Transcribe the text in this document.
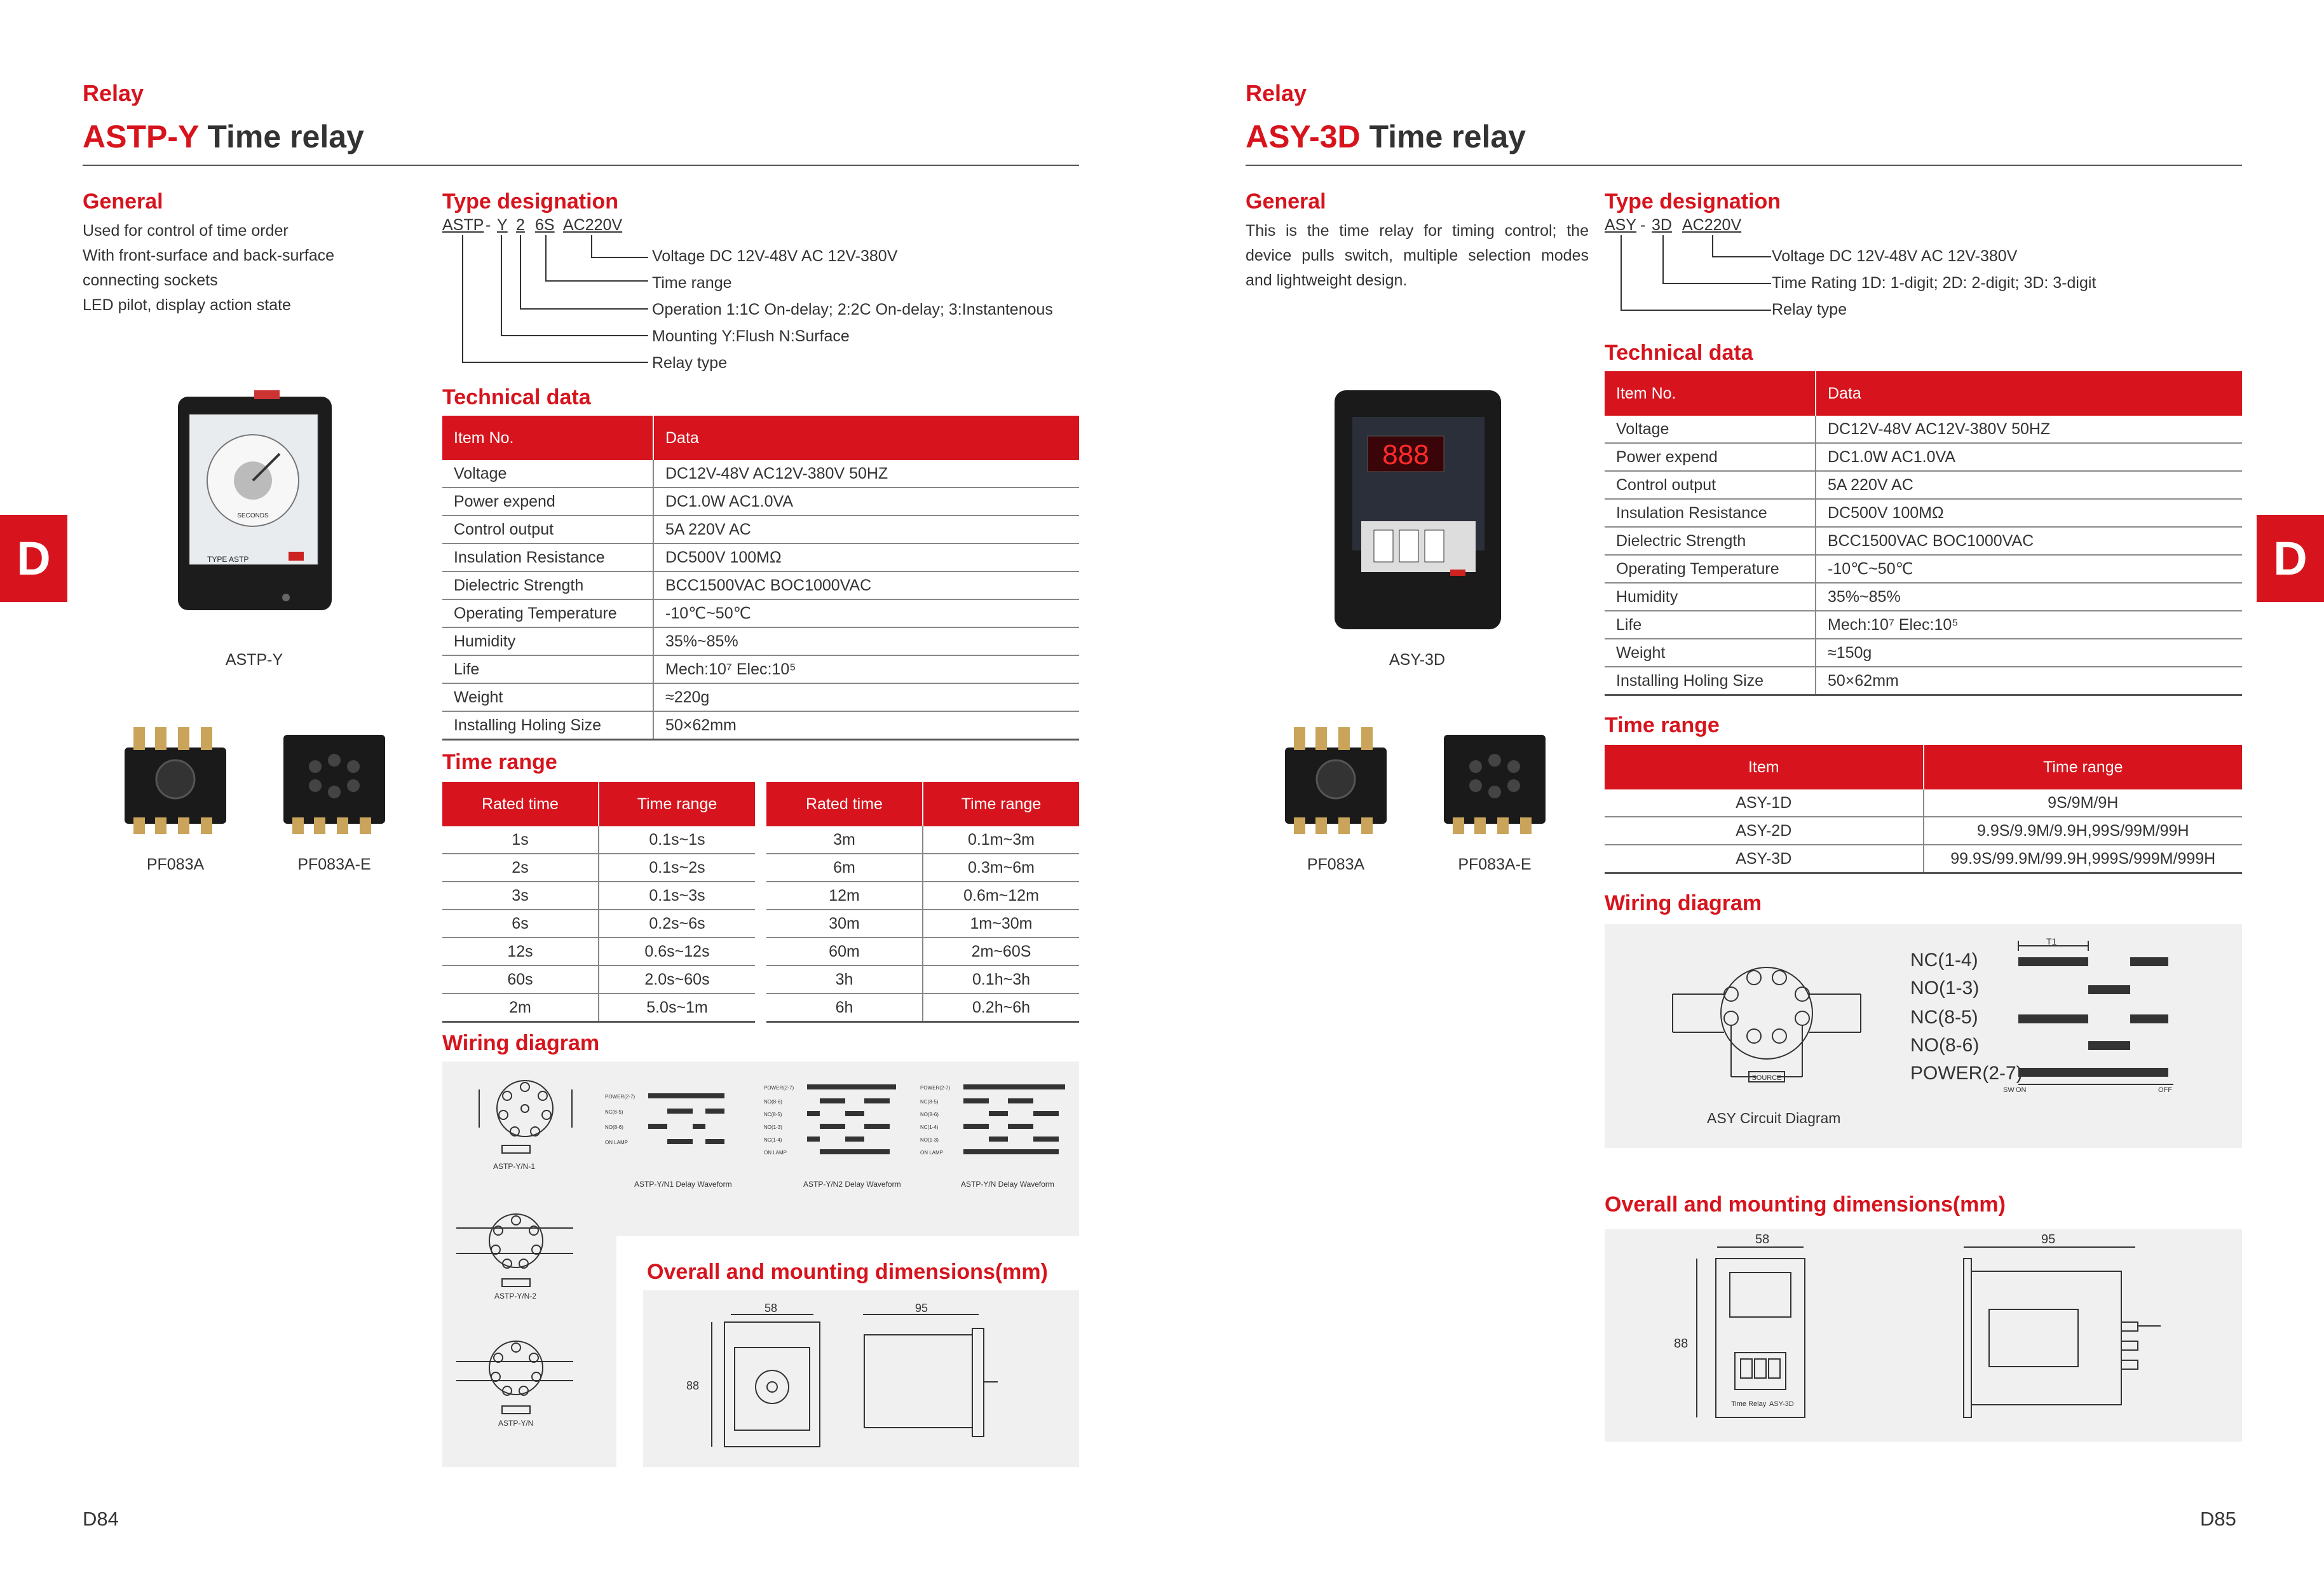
Relay
ASTP-Y Time relay
General
Used for control of time order
With front-surface and back-surface
connecting sockets
LED pilot, display action state
Type designation
ASTP - Y 2 6S AC220V
Voltage DC 12V-48V AC 12V-380V
Time range
Operation 1:1C On-delay; 2:2C On-delay; 3:Instantenous
Mounting Y:Flush N:Surface
Relay type
SECONDS
TYPE ASTP
ASTP-Y
PF083A	PF083A-E
D
Technical data
Item No.	Data
Voltage	DC12V-48V AC12V-380V 50HZ
Power expend	DC1.0W AC1.0VA
Control output	5A 220V AC
Insulation Resistance	DC500V 100MΩ
Dielectric Strength	BCC1500VAC BOC1000VAC
Operating Temperature	-10℃~50℃
Humidity	35%~85%
Life	Mech:10⁷ Elec:10⁵
Weight	≈220g
Installing Holing Size	50×62mm
Time range
Rated time	Time range
1s	0.1s~1s
2s	0.1s~2s
3s	0.1s~3s
6s	0.2s~6s
12s	0.6s~12s
60s	2.0s~60s
2m	5.0s~1m
Rated time	Time range
3m	0.1m~3m
6m	0.3m~6m
12m	0.6m~12m
30m	1m~30m
60m	2m~60S
3h	0.1h~3h
6h	0.2h~6h
Wiring diagram
ASTP-Y/N-1
POWER(2-7)
NC(8-5)
NO(8-6)
ON LAMP
ASTP-Y/N1 Delay Waveform
POWER(2-7)
NO(8-6)
NC(8-5)
NO(1-3)
NC(1-4)
ON LAMP
ASTP-Y/N2 Delay Waveform
POWER(2-7)
NC(8-5)
NO(8-6)
NC(1-4)
NO(1-3)
ON LAMP
ASTP-Y/N Delay Waveform
ASTP-Y/N-2
ASTP-Y/N
Overall and mounting dimensions(mm)
58	95
88
D84
Relay
ASY-3D Time relay
General
This is the time relay for timing control; the device pulls switch, multiple selection modes and lightweight design.
Type designation
ASY - 3D AC220V
Voltage DC 12V-48V AC 12V-380V
Time Rating 1D: 1-digit; 2D: 2-digit; 3D: 3-digit
Relay type
888
ASY-3D
PF083A	PF083A-E
D
Technical data
Item No.	Data
Voltage	DC12V-48V AC12V-380V 50HZ
Power expend	DC1.0W AC1.0VA
Control output	5A 220V AC
Insulation Resistance	DC500V 100MΩ
Dielectric Strength	BCC1500VAC BOC1000VAC
Operating Temperature	-10℃~50℃
Humidity	35%~85%
Life	Mech:10⁷ Elec:10⁵
Weight	≈150g
Installing Holing Size	50×62mm
Time range
Item	Time range
ASY-1D	9S/9M/9H
ASY-2D	9.9S/9.9M/9.9H,99S/99M/99H
ASY-3D	99.9S/99.9M/99.9H,999S/999M/999H
Wiring diagram
SOURCE
ASY Circuit Diagram
T1
NC(1-4)
NO(1-3)
NC(8-5)
NO(8-6)
POWER(2-7)
SW ON	OFF
Overall and mounting dimensions(mm)
58	95
88
Time Relay ASY-3D
D85
